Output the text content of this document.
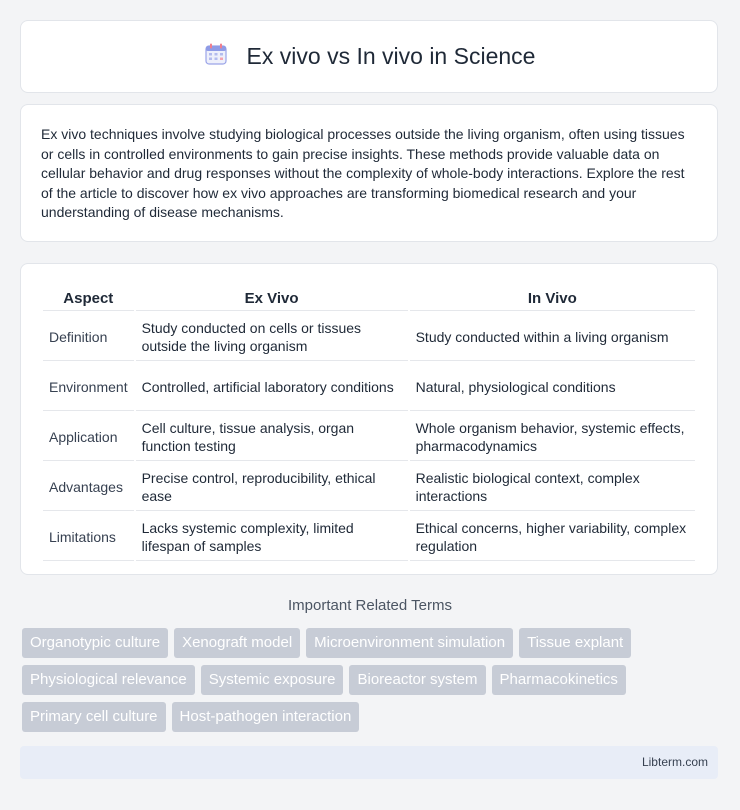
Ex vivo vs In vivo in Science

Ex vivo techniques involve studying biological processes outside the living organism, often using tissues or cells in controlled environments to gain precise insights. These methods provide valuable data on cellular behavior and drug responses without the complexity of whole-body interactions. Explore the rest of the article to discover how ex vivo approaches are transforming biomedical research and your understanding of disease mechanisms.

Aspect	Ex Vivo	In Vivo
Definition	Study conducted on cells or tissues outside the living organism	Study conducted within a living organism
Environment	Controlled, artificial laboratory conditions	Natural, physiological conditions
Application	Cell culture, tissue analysis, organ function testing	Whole organism behavior, systemic effects, pharmacodynamics
Advantages	Precise control, reproducibility, ethical ease	Realistic biological context, complex interactions
Limitations	Lacks systemic complexity, limited lifespan of samples	Ethical concerns, higher variability, complex regulation
Important Related Terms
Organotypic culture	Xenograft model	Microenvironment simulation	Tissue explant
Physiological relevance	Systemic exposure	Bioreactor system	Pharmacokinetics
Primary cell culture	Host-pathogen interaction
Libterm.com
